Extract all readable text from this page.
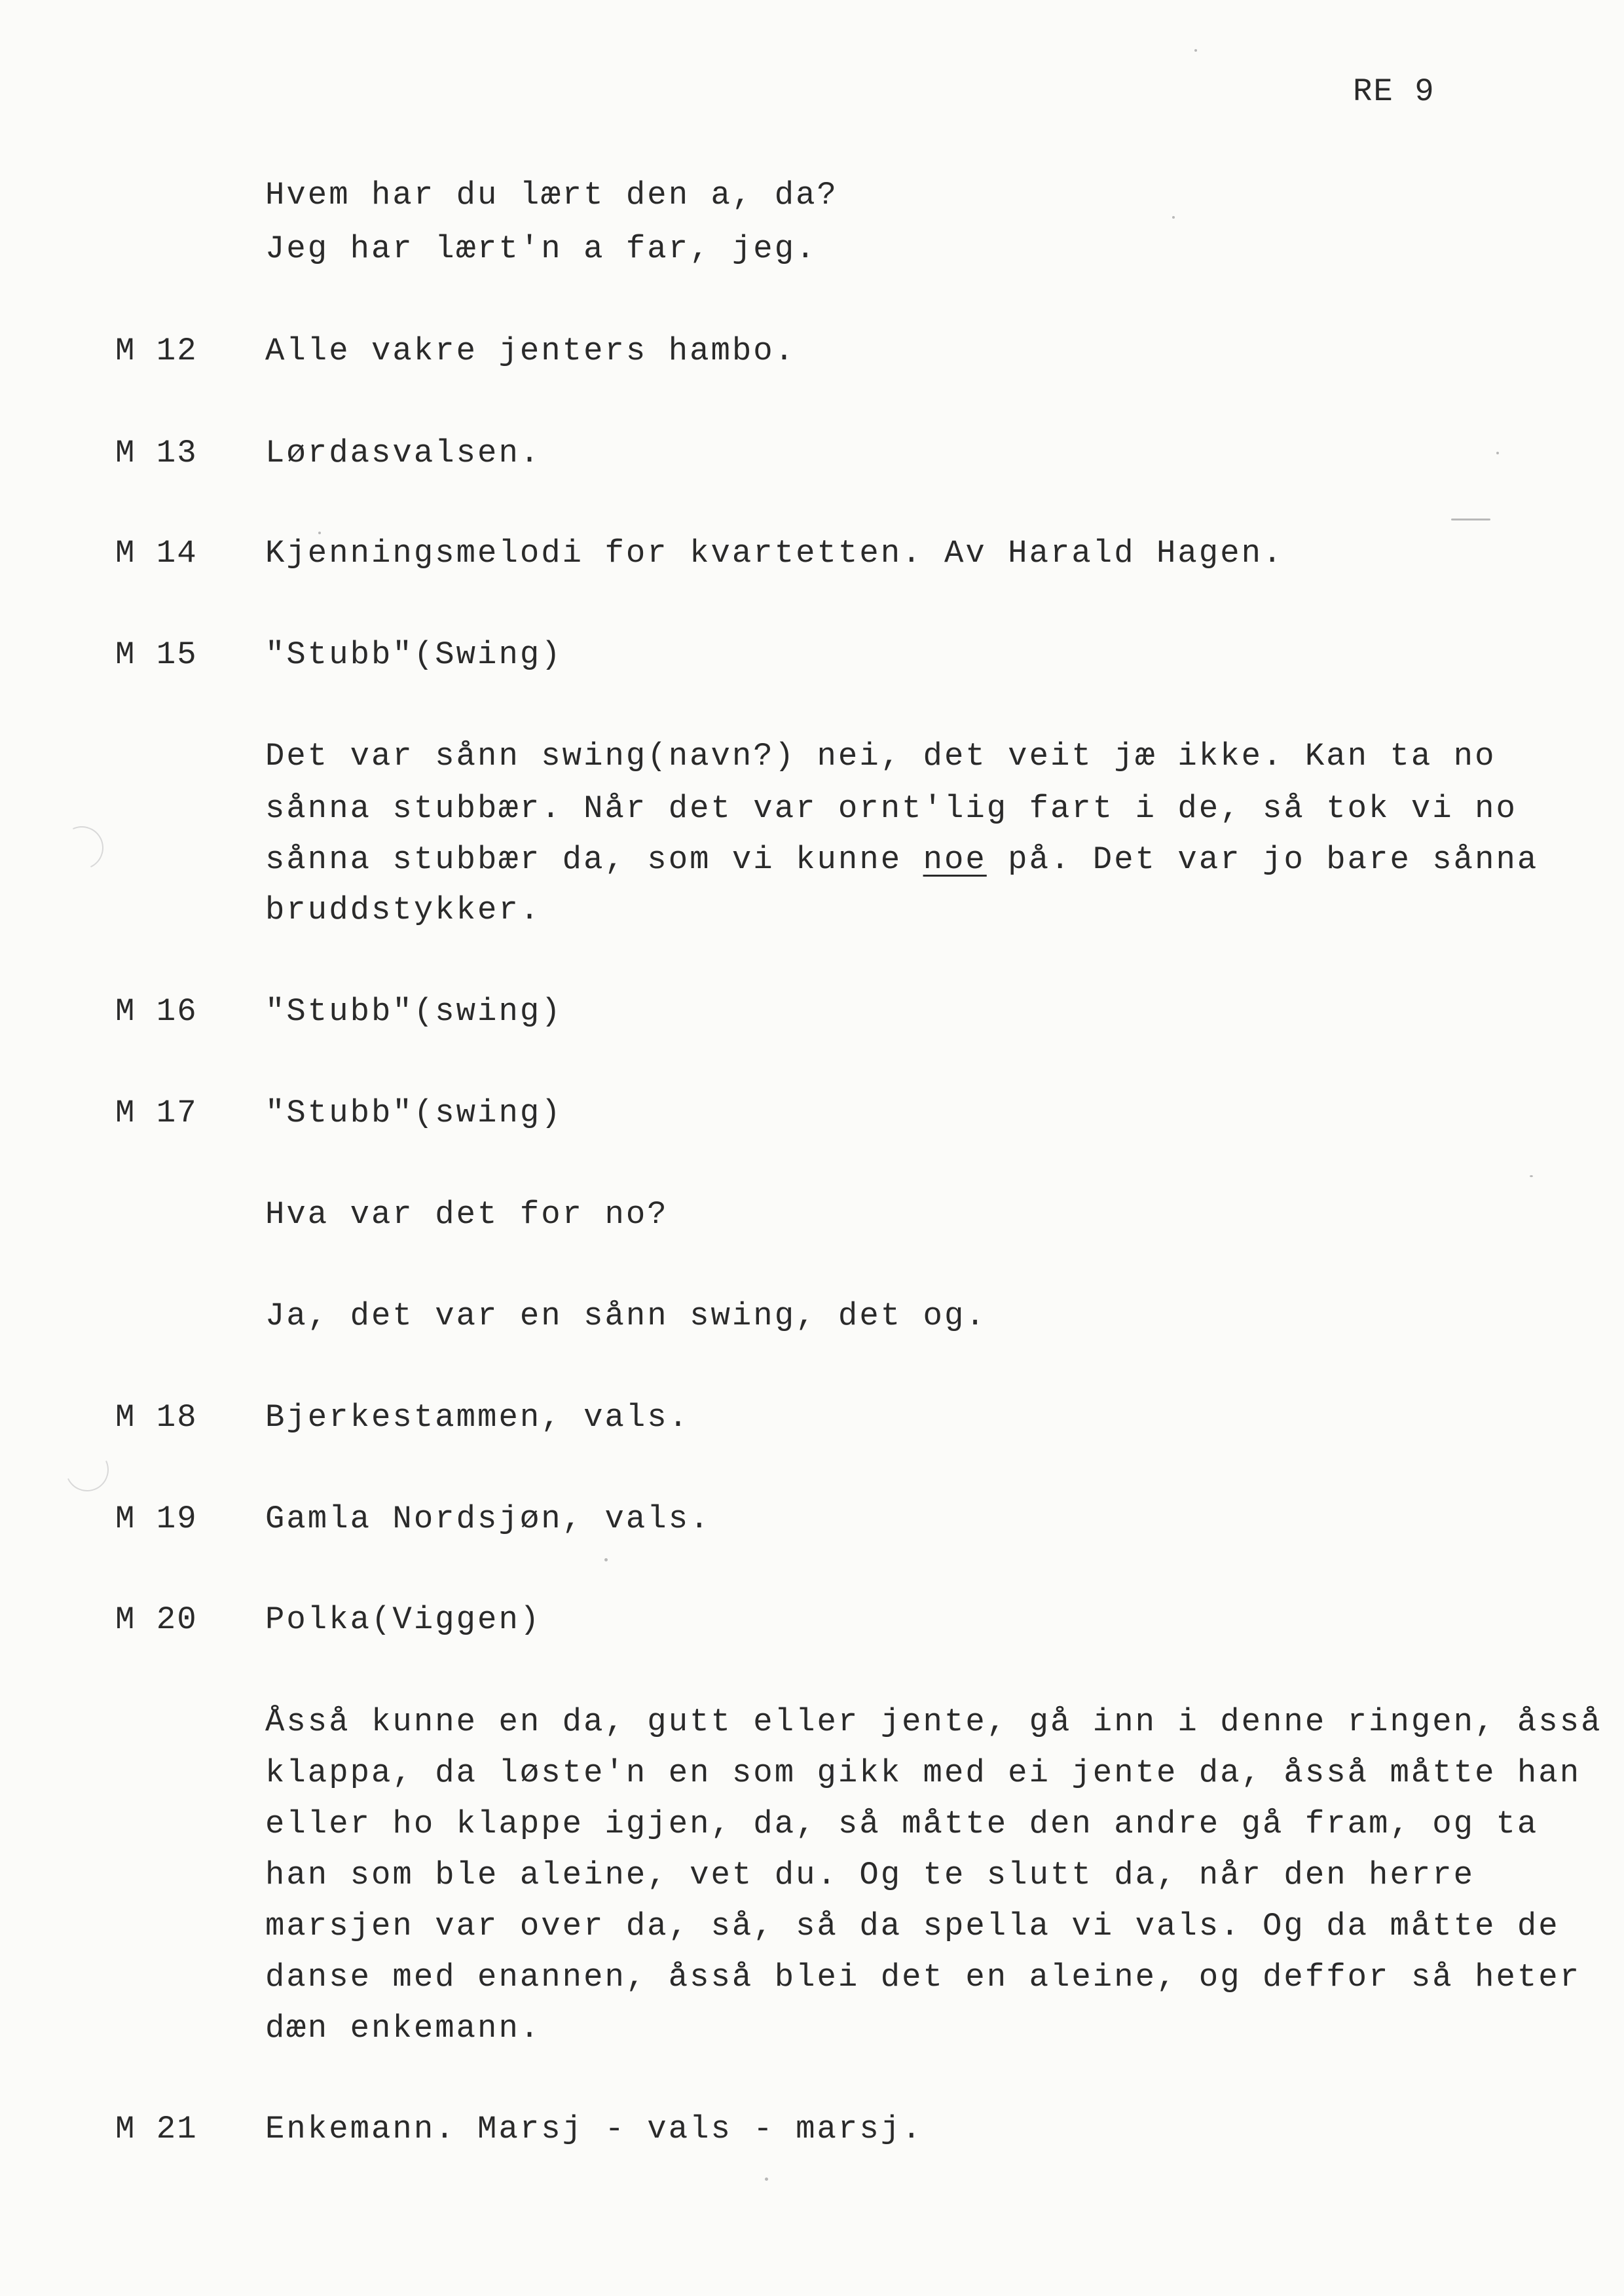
RE 9
Hvem har du lært den a, da?
Jeg har lært'n a far, jeg.
M 12 Alle vakre jenters hambo.
M 13 Lørdasvalsen.
M 14 Kjenningsmelodi for kvartetten. Av Harald Hagen.
M 15 "Stubb"(Swing)
Det var sånn swing(navn?) nei, det veit jæ ikke. Kan ta no
sånna stubbær. Når det var ornt'lig fart i de, så tok vi no
sånna stubbær da, som vi kunne noe på. Det var jo bare sånna
bruddstykker.
M 16 "Stubb"(swing)
M 17 "Stubb"(swing)
Hva var det for no?
Ja, det var en sånn swing, det og.
M 18 Bjerkestammen, vals.
M 19 Gamla Nordsjøn, vals.
M 20 Polka(Viggen)
Åsså kunne en da, gutt eller jente, gå inn i denne ringen, åsså
klappa, da løste'n en som gikk med ei jente da, åsså måtte han
eller ho klappe igjen, da, så måtte den andre gå fram, og ta
han som ble aleine, vet du. Og te slutt da, når den herre
marsjen var over da, så, så da spella vi vals. Og da måtte de
danse med enannen, åsså blei det en aleine, og deffor så heter
dæn enkemann.
M 21 Enkemann. Marsj - vals - marsj.
